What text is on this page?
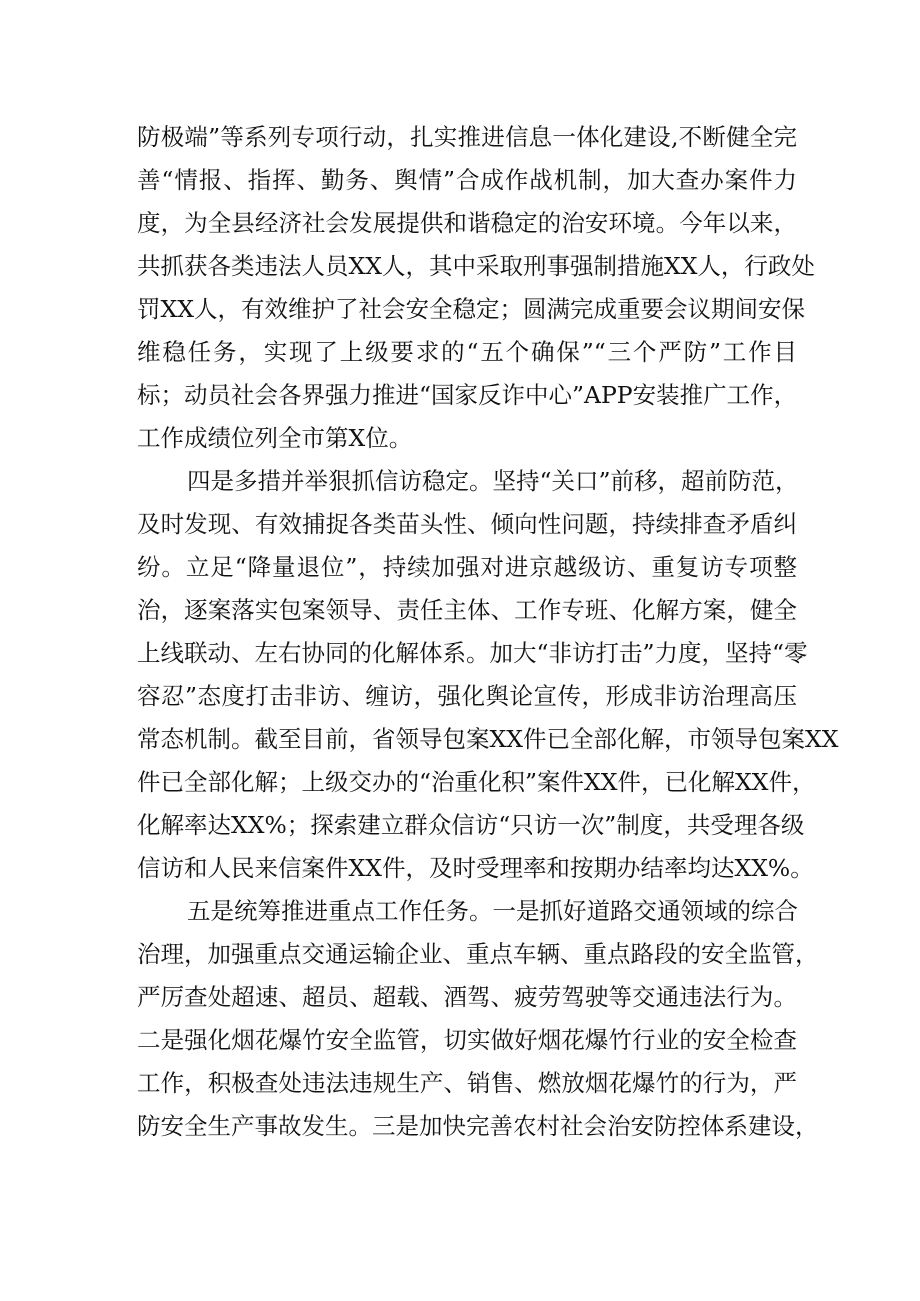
防极端”等系列专项行动，扎实推进信息一体化建设,不断健全完
善“情报、指挥、勤务、舆情”合成作战机制，加大查办案件力
度，为全县经济社会发展提供和谐稳定的治安环境。今年以来，
共抓获各类违法人员XX人，其中采取刑事强制措施XX人，行政处
罚XX人，有效维护了社会安全稳定；圆满完成重要会议期间安保
维稳任务，实现了上级要求的“五个确保”“三个严防”工作目
标；动员社会各界强力推进“国家反诈中心”APP安装推广工作，
工作成绩位列全市第X位。
四是多措并举狠抓信访稳定。坚持“关口”前移，超前防范，
及时发现、有效捕捉各类苗头性、倾向性问题，持续排查矛盾纠
纷。立足“降量退位”，持续加强对进京越级访、重复访专项整
治，逐案落实包案领导、责任主体、工作专班、化解方案，健全
上线联动、左右协同的化解体系。加大“非访打击”力度，坚持“零
容忍”态度打击非访、缠访，强化舆论宣传，形成非访治理高压
常态机制。截至目前，省领导包案XX件已全部化解，市领导包案XX
件已全部化解；上级交办的“治重化积”案件XX件，已化解XX件，
化解率达XX%；探索建立群众信访“只访一次”制度，共受理各级
信访和人民来信案件XX件，及时受理率和按期办结率均达XX%。
五是统筹推进重点工作任务。一是抓好道路交通领域的综合
治理，加强重点交通运输企业、重点车辆、重点路段的安全监管，
严厉查处超速、超员、超载、酒驾、疲劳驾驶等交通违法行为。
二是强化烟花爆竹安全监管，切实做好烟花爆竹行业的安全检查
工作，积极查处违法违规生产、销售、燃放烟花爆竹的行为，严
防安全生产事故发生。三是加快完善农村社会治安防控体系建设，
